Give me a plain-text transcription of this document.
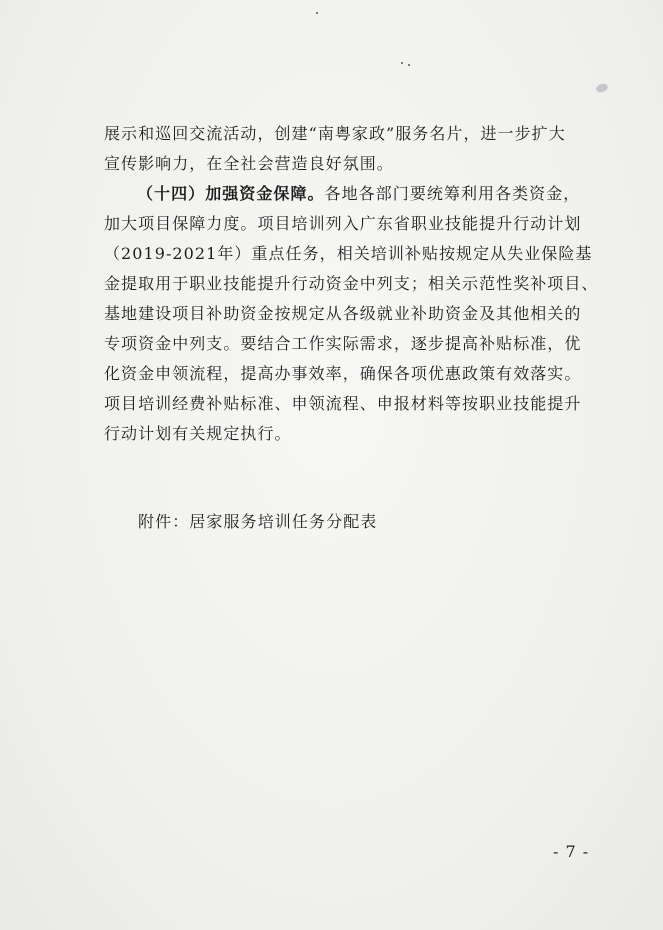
展示和巡回交流活动，创建“南粤家政”服务名片，进一步扩大
宣传影响力，在全社会营造良好氛围。
（十四）加强资金保障。各地各部门要统筹利用各类资金，
加大项目保障力度。项目培训列入广东省职业技能提升行动计划
（2019-2021年）重点任务，相关培训补贴按规定从失业保险基
金提取用于职业技能提升行动资金中列支；相关示范性奖补项目、
基地建设项目补助资金按规定从各级就业补助资金及其他相关的
专项资金中列支。要结合工作实际需求，逐步提高补贴标准，优
化资金申领流程，提高办事效率，确保各项优惠政策有效落实。
项目培训经费补贴标准、申领流程、申报材料等按职业技能提升
行动计划有关规定执行。
附件：居家服务培训任务分配表
- 7 -
